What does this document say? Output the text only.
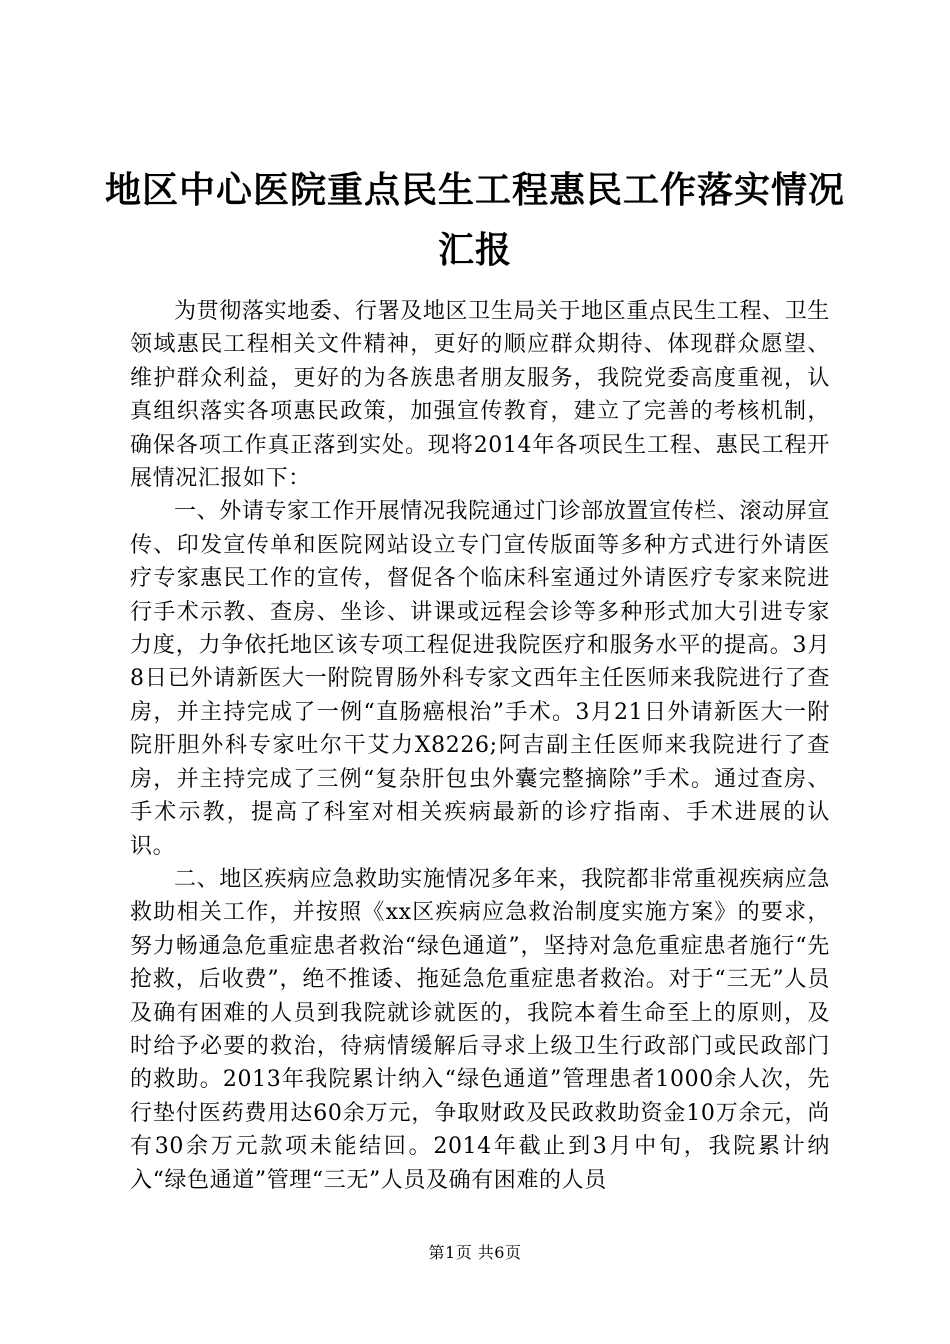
地区中心医院重点民生工程惠民工作落实情况
汇报

为贯彻落实地委、行署及地区卫生局关于地区重点民生工程、卫生领域惠民工程相关文件精神，更好的顺应群众期待、体现群众愿望、维护群众利益，更好的为各族患者朋友服务，我院党委高度重视，认真组织落实各项惠民政策，加强宣传教育，建立了完善的考核机制，确保各项工作真正落到实处。现将2014年各项民生工程、惠民工程开展情况汇报如下：

一、外请专家工作开展情况我院通过门诊部放置宣传栏、滚动屏宣传、印发宣传单和医院网站设立专门宣传版面等多种方式进行外请医疗专家惠民工作的宣传，督促各个临床科室通过外请医疗专家来院进行手术示教、查房、坐诊、讲课或远程会诊等多种形式加大引进专家力度，力争依托地区该专项工程促进我院医疗和服务水平的提高。3月8日已外请新医大一附院胃肠外科专家文西年主任医师来我院进行了查房，并主持完成了一例“直肠癌根治”手术。3月21日外请新医大一附院肝胆外科专家吐尔干艾力X8226;阿吉副主任医师来我院进行了查房，并主持完成了三例“复杂肝包虫外囊完整摘除”手术。通过查房、手术示教，提高了科室对相关疾病最新的诊疗指南、手术进展的认识。

二、地区疾病应急救助实施情况多年来，我院都非常重视疾病应急救助相关工作，并按照《xx区疾病应急救治制度实施方案》的要求，努力畅通急危重症患者救治“绿色通道”，坚持对急危重症患者施行“先抢救，后收费”，绝不推诿、拖延急危重症患者救治。对于“三无”人员及确有困难的人员到我院就诊就医的，我院本着生命至上的原则，及时给予必要的救治，待病情缓解后寻求上级卫生行政部门或民政部门的救助。2013年我院累计纳入“绿色通道”管理患者1000余人次，先行垫付医药费用达60余万元，争取财政及民政救助资金10万余元，尚有30余万元款项未能结回。2014年截止到3月中旬，我院累计纳入“绿色通道”管理“三无”人员及确有困难的人员

第1页 共6页
